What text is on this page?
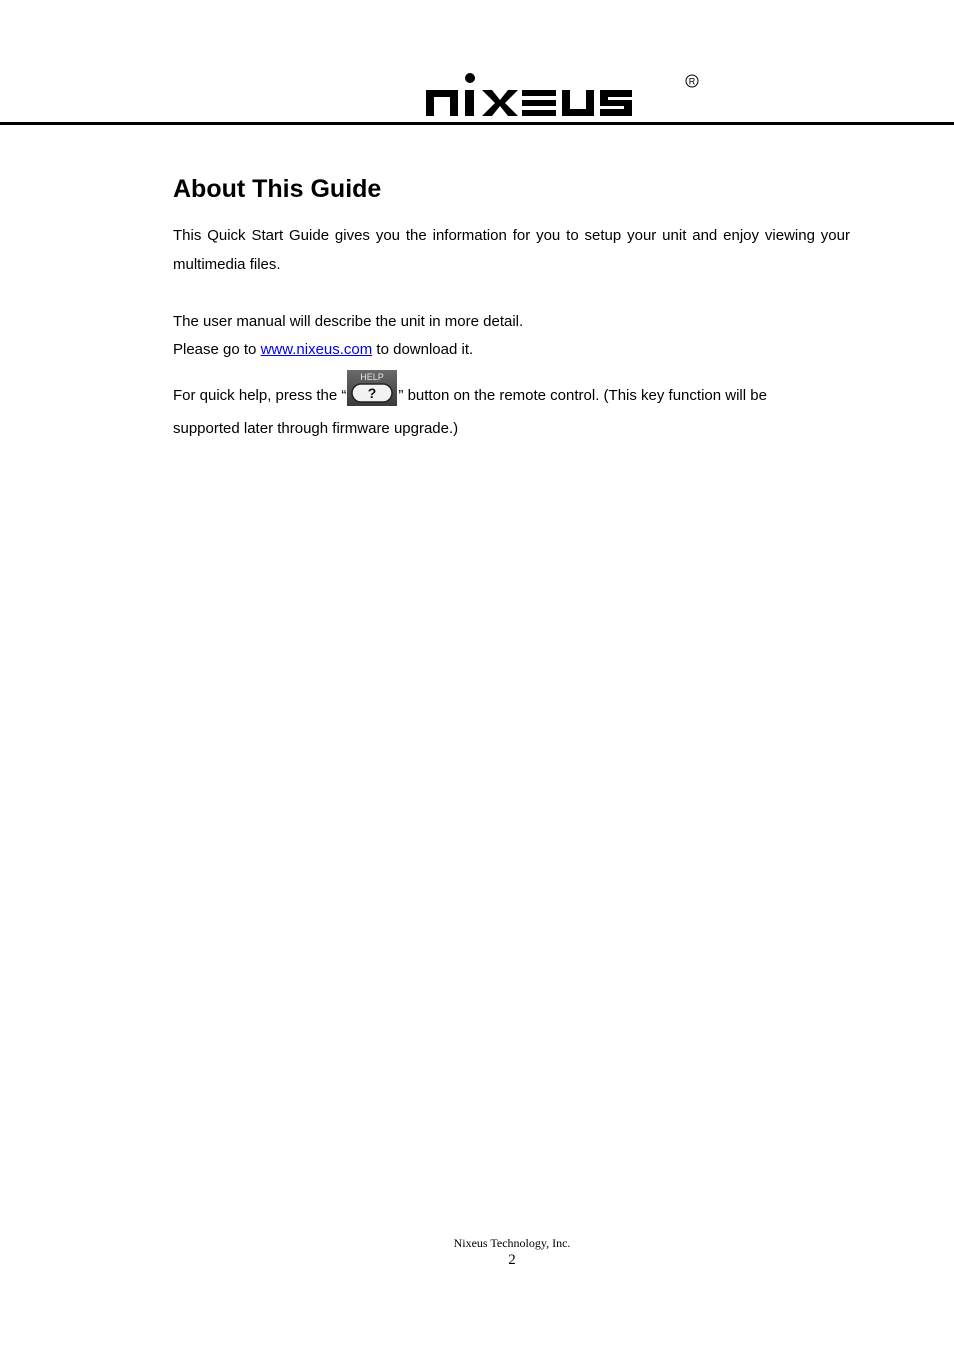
R
About This Guide

This Quick Start Guide gives you the information for you to setup your unit and enjoy viewing your multimedia files.

The user manual will describe the unit in more detail.

Please go to www.nixeus.com to download it.

For quick help, press the “
HELP
? ” button on the remote control. (This key function will be

supported later through firmware upgrade.)

Nixeus Technology, Inc.
2
